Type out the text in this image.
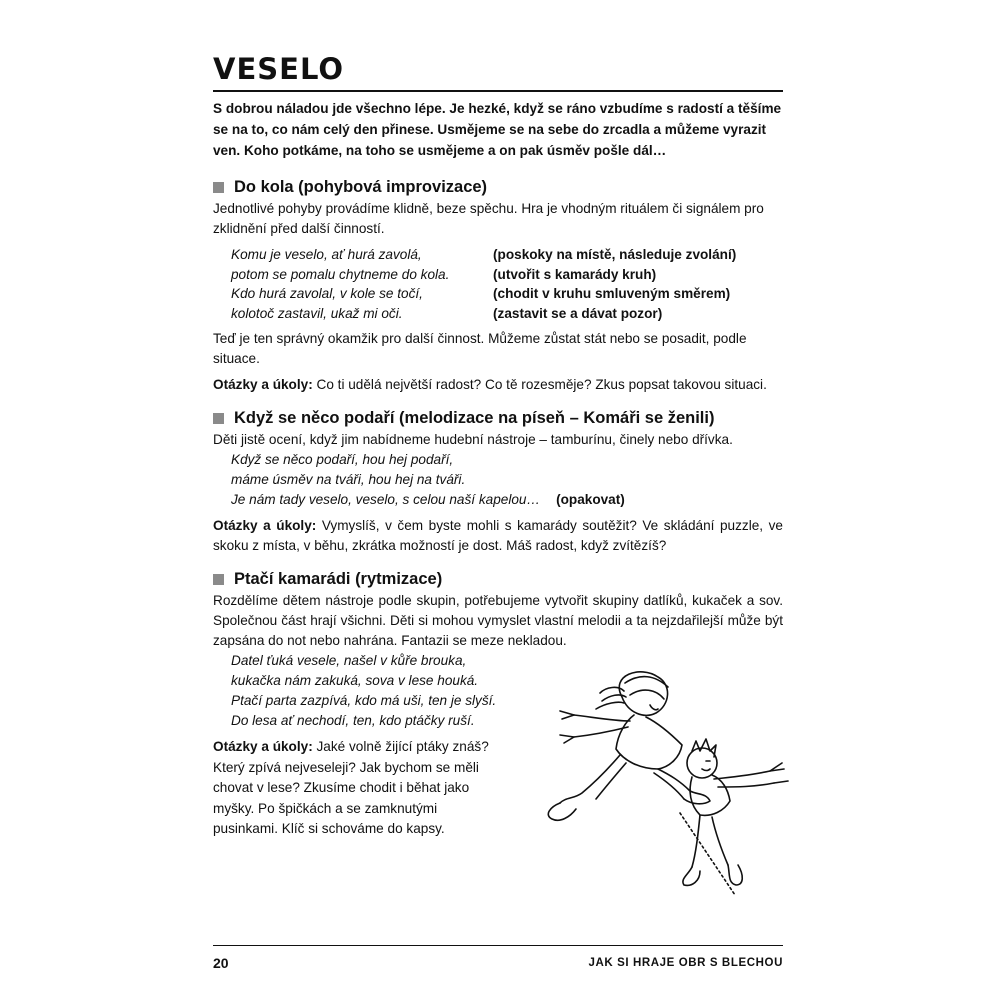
VESELO

S dobrou náladou jde všechno lépe. Je hezké, když se ráno vzbudíme s radostí a těšíme se na to, co nám celý den přinese. Usmějeme se na sebe do zrcadla a můžeme vyrazit ven. Koho potkáme, na toho se usmějeme a on pak úsměv pošle dál…

Do kola (pohybová improvizace)

Jednotlivé pohyby provádíme klidně, beze spěchu. Hra je vhodným rituálem či signálem pro zklidnění před další činností.

Komu je veselo, ať hurá zavolá,	(poskoky na místě, následuje zvolání)
potom se pomalu chytneme do kola.	(utvořit s kamarády kruh)
Kdo hurá zavolal, v kole se točí,	(chodit v kruhu smluveným směrem)
kolotoč zastavil, ukaž mi oči.	(zastavit se a dávat pozor)

Teď je ten správný okamžik pro další činnost. Můžeme zůstat stát nebo se posadit, podle situace.

Otázky a úkoly: Co ti udělá největší radost? Co tě rozesměje? Zkus popsat takovou situaci.

Když se něco podaří (melodizace na píseň – Komáři se ženili)

Děti jistě ocení, když jim nabídneme hudební nástroje – tamburínu, činely nebo dřívka.

Když se něco podaří, hou hej podaří,
máme úsměv na tváři, hou hej na tváři.
Je nám tady veselo, veselo, s celou naší kapelou… (opakovat)

Otázky a úkoly: Vymyslíš, v čem byste mohli s kamarády soutěžit? Ve skládání puzzle, ve skoku z místa, v běhu, zkrátka možností je dost. Máš radost, když zvítězíš?

Ptačí kamarádi (rytmizace)

Rozdělíme dětem nástroje podle skupin, potřebujeme vytvořit skupiny datlíků, kukaček a sov. Společnou část hrají všichni. Děti si mohou vymyslet vlastní melodii a ta nejzdařilejší může být zapsána do not nebo nahrána. Fantazii se meze nekladou.

Datel ťuká vesele, našel v kůře brouka,
kukačka nám zakuká, sova v lese houká.
Ptačí parta zazpívá, kdo má uši, ten je slyší.
Do lesa ať nechodí, ten, kdo ptáčky ruší.

Otázky a úkoly: Jaké volně žijící ptáky znáš? Který zpívá nejveseleji? Jak bychom se měli chovat v lese? Zkusíme chodit i běhat jako myšky. Po špičkách a se zamknutými pusinkami. Klíč si schováme do kapsy.

20	JAK SI HRAJE OBR S BLECHOU
